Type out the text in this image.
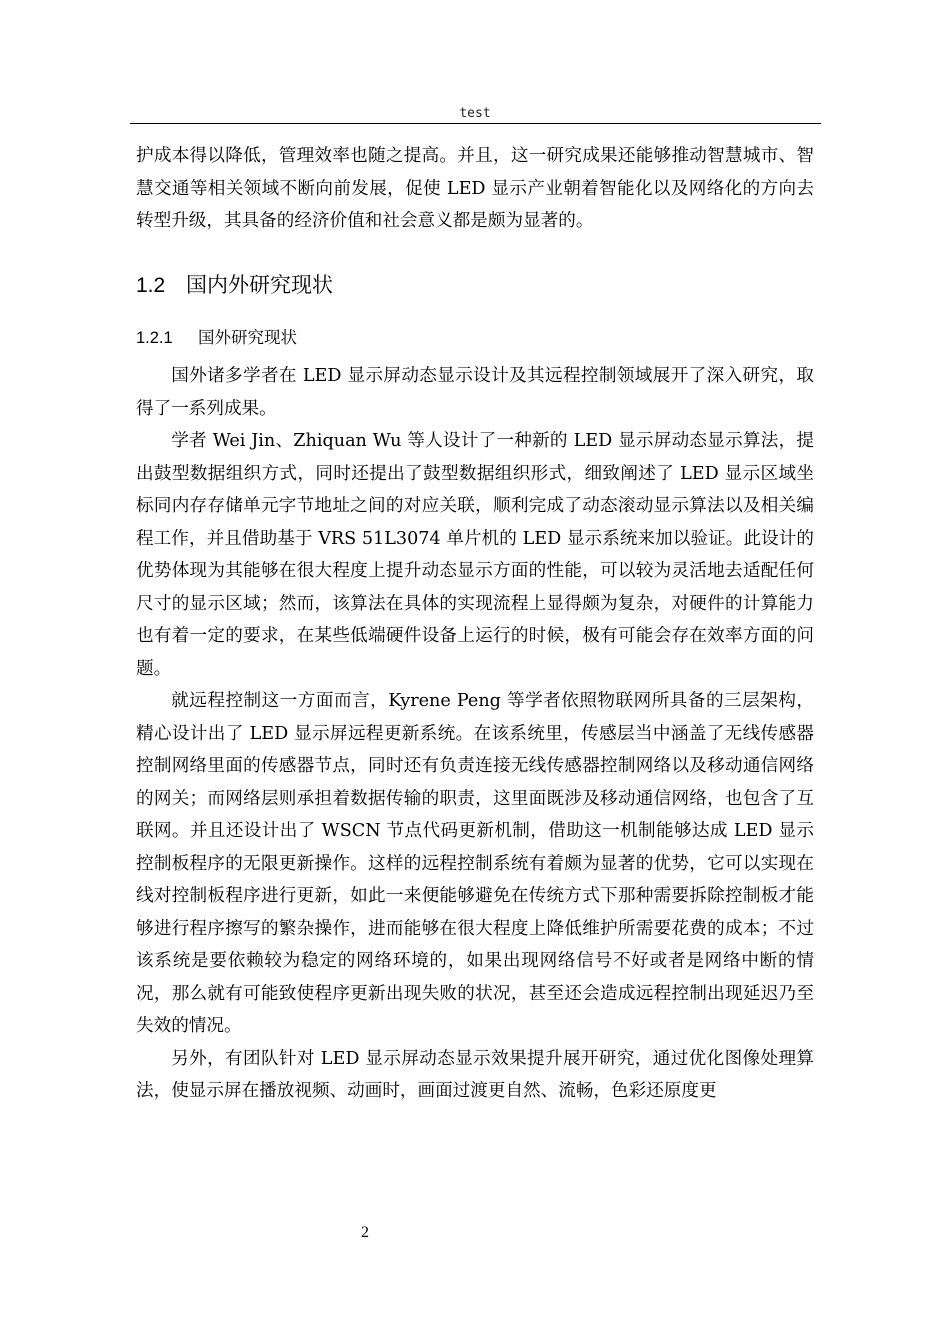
test

护成本得以降低，管理效率也随之提高。并且，这一研究成果还能够推动智慧城市、智慧交通等相关领域不断向前发展，促使 LED 显示产业朝着智能化以及网络化的方向去转型升级，其具备的经济价值和社会意义都是颇为显著的。

1.2 国内外研究现状
1.2.1 国外研究现状

国外诸多学者在 LED 显示屏动态显示设计及其远程控制领域展开了深入研究，取得了一系列成果。

学者 Wei Jin、Zhiquan Wu 等人设计了一种新的 LED 显示屏动态显示算法，提出鼓型数据组织方式，同时还提出了鼓型数据组织形式，细致阐述了 LED 显示区域坐标同内存存储单元字节地址之间的对应关联，顺利完成了动态滚动显示算法以及相关编程工作，并且借助基于 VRS 51L3074 单片机的 LED 显示系统来加以验证。此设计的优势体现为其能够在很大程度上提升动态显示方面的性能，可以较为灵活地去适配任何尺寸的显示区域；然而，该算法在具体的实现流程上显得颇为复杂，对硬件的计算能力也有着一定的要求，在某些低端硬件设备上运行的时候，极有可能会存在效率方面的问题。

就远程控制这一方面而言，Kyrene Peng 等学者依照物联网所具备的三层架构，精心设计出了 LED 显示屏远程更新系统。在该系统里，传感层当中涵盖了无线传感器控制网络里面的传感器节点，同时还有负责连接无线传感器控制网络以及移动通信网络的网关；而网络层则承担着数据传输的职责，这里面既涉及移动通信网络，也包含了互联网。并且还设计出了 WSCN 节点代码更新机制，借助这一机制能够达成 LED 显示控制板程序的无限更新操作。这样的远程控制系统有着颇为显著的优势，它可以实现在线对控制板程序进行更新，如此一来便能够避免在传统方式下那种需要拆除控制板才能够进行程序擦写的繁杂操作，进而能够在很大程度上降低维护所需要花费的成本；不过该系统是要依赖较为稳定的网络环境的，如果出现网络信号不好或者是网络中断的情况，那么就有可能致使程序更新出现失败的状况，甚至还会造成远程控制出现延迟乃至失效的情况。

另外，有团队针对 LED 显示屏动态显示效果提升展开研究，通过优化图像处理算法，使显示屏在播放视频、动画时，画面过渡更自然、流畅，色彩还原度更

2
